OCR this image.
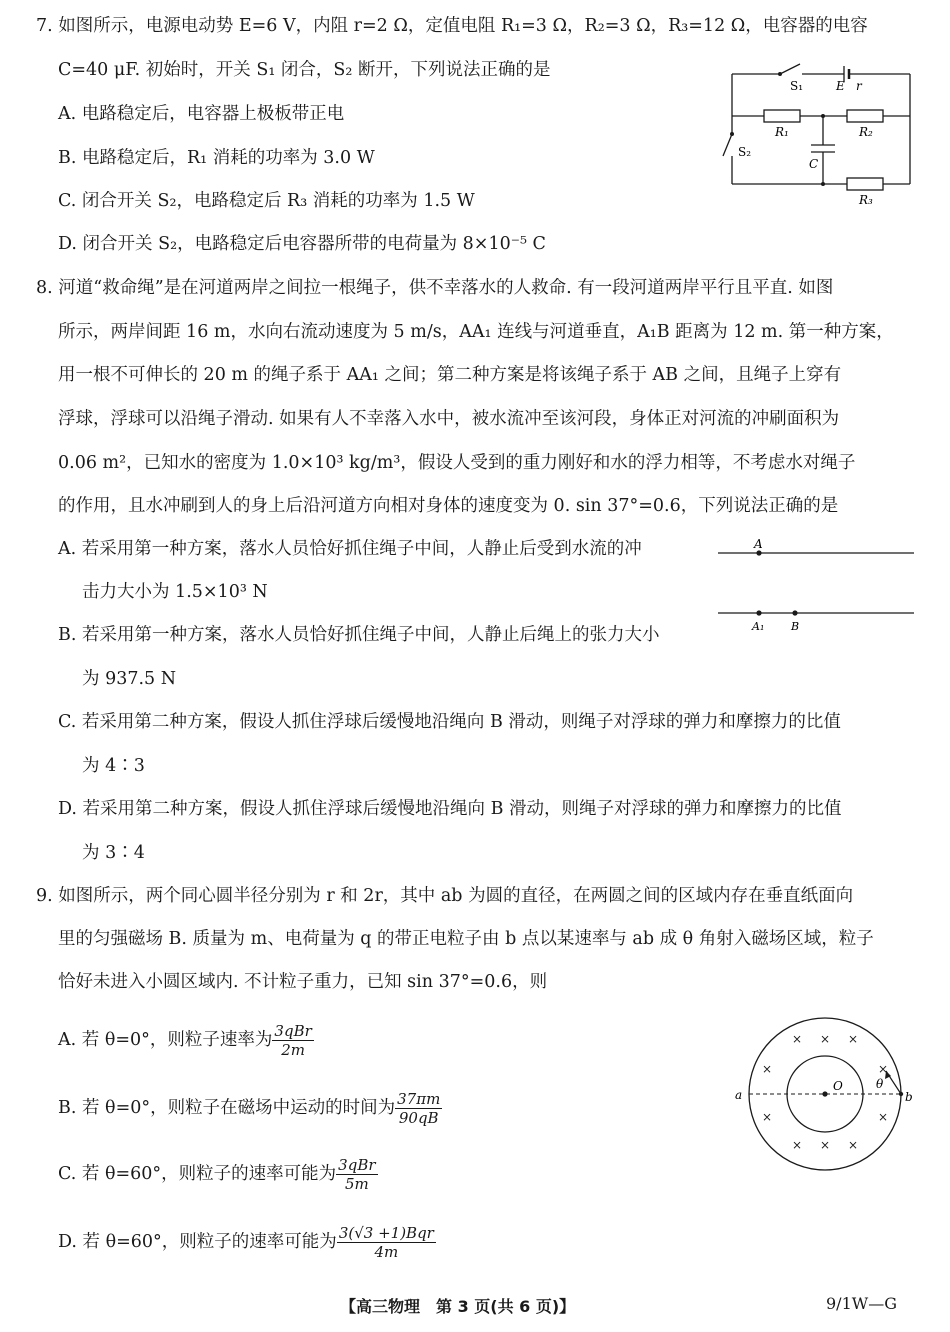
7. 如图所示，电源电动势 E=6 V，内阻 r=2 Ω，定值电阻 R₁=3 Ω，R₂=3 Ω，R₃=12 Ω，电容器的电容
C=40 μF. 初始时，开关 S₁ 闭合，S₂ 断开，下列说法正确的是
A. 电路稳定后，电容器上极板带正电
B. 电路稳定后，R₁ 消耗的功率为 3.0 W
C. 闭合开关 S₂，电路稳定后 R₃ 消耗的功率为 1.5 W
D. 闭合开关 S₂，电路稳定后电容器所带的电荷量为 8×10⁻⁵ C
S₁	E r
S₂
R₁	R₂
C
R₃
8. 河道“救命绳”是在河道两岸之间拉一根绳子，供不幸落水的人救命. 有一段河道两岸平行且平直. 如图
所示，两岸间距 16 m，水向右流动速度为 5 m/s，AA₁ 连线与河道垂直，A₁B 距离为 12 m. 第一种方案，
用一根不可伸长的 20 m 的绳子系于 AA₁ 之间；第二种方案是将该绳子系于 AB 之间，且绳子上穿有
浮球，浮球可以沿绳子滑动. 如果有人不幸落入水中，被水流冲至该河段，身体正对河流的冲刷面积为
0.06 m²，已知水的密度为 1.0×10³ kg/m³，假设人受到的重力刚好和水的浮力相等，不考虑水对绳子
的作用，且水冲刷到人的身上后沿河道方向相对身体的速度变为 0. sin 37°=0.6，下列说法正确的是
A. 若采用第一种方案，落水人员恰好抓住绳子中间，人静止后受到水流的冲
击力大小为 1.5×10³ N
B. 若采用第一种方案，落水人员恰好抓住绳子中间，人静止后绳上的张力大小
为 937.5 N
C. 若采用第二种方案，假设人抓住浮球后缓慢地沿绳向 B 滑动，则绳子对浮球的弹力和摩擦力的比值
为 4∶3
D. 若采用第二种方案，假设人抓住浮球后缓慢地沿绳向 B 滑动，则绳子对浮球的弹力和摩擦力的比值
为 3∶4
A
A₁ B
9. 如图所示，两个同心圆半径分别为 r 和 2r，其中 ab 为圆的直径，在两圆之间的区域内存在垂直纸面向
里的匀强磁场 B. 质量为 m、电荷量为 q 的带正电粒子由 b 点以某速率与 ab 成 θ 角射入磁场区域，粒子
恰好未进入小圆区域内. 不计粒子重力，已知 sin 37°=0.6，则
A. 若 θ=0°，则粒子速率为 $\frac{\text{3qBr}}{2m}$
B. 若 θ=0°，则粒子在磁场中运动的时间为 $\frac{37\pi m}{90qB}$
C. 若 θ=60°，则粒子的速率可能为 $\frac{\text{3qBr}}{5m}$
D. 若 θ=60°，则粒子的速率可能为 $\frac{\text{3(√3 +1)Bqr}}{4m}$
× × ×
×	×
×	×
× × ×
a	b
O	θ
【高三物理　第 3 页(共 6 页)】	9/1W—G
